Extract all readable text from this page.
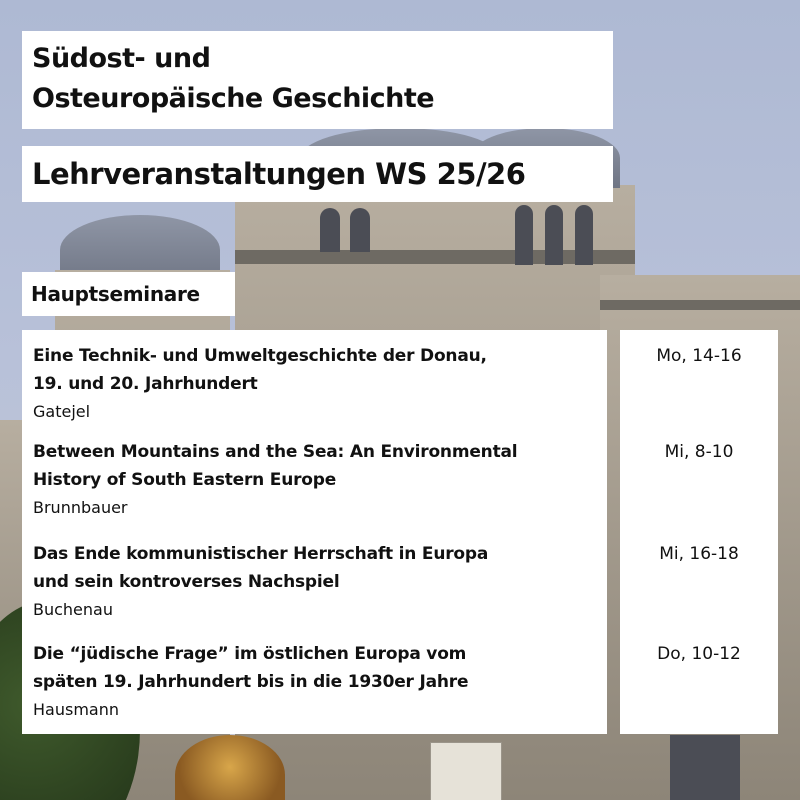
Südost- und
Osteuropäische Geschichte
Lehrveranstaltungen WS 25/26
Hauptseminare
Eine Technik- und Umweltgeschichte der Donau,
19. und 20. Jahrhundert
Gatejel
Between Mountains and the Sea: An Environmental
History of South Eastern Europe
Brunnbauer
Das Ende kommunistischer Herrschaft in Europa
und sein kontroverses Nachspiel
Buchenau
Die “jüdische Frage” im östlichen Europa vom
späten 19. Jahrhundert bis in die 1930er Jahre
Hausmann
Mo, 14-16
Mi, 8-10
Mi, 16-18
Do, 10-12
